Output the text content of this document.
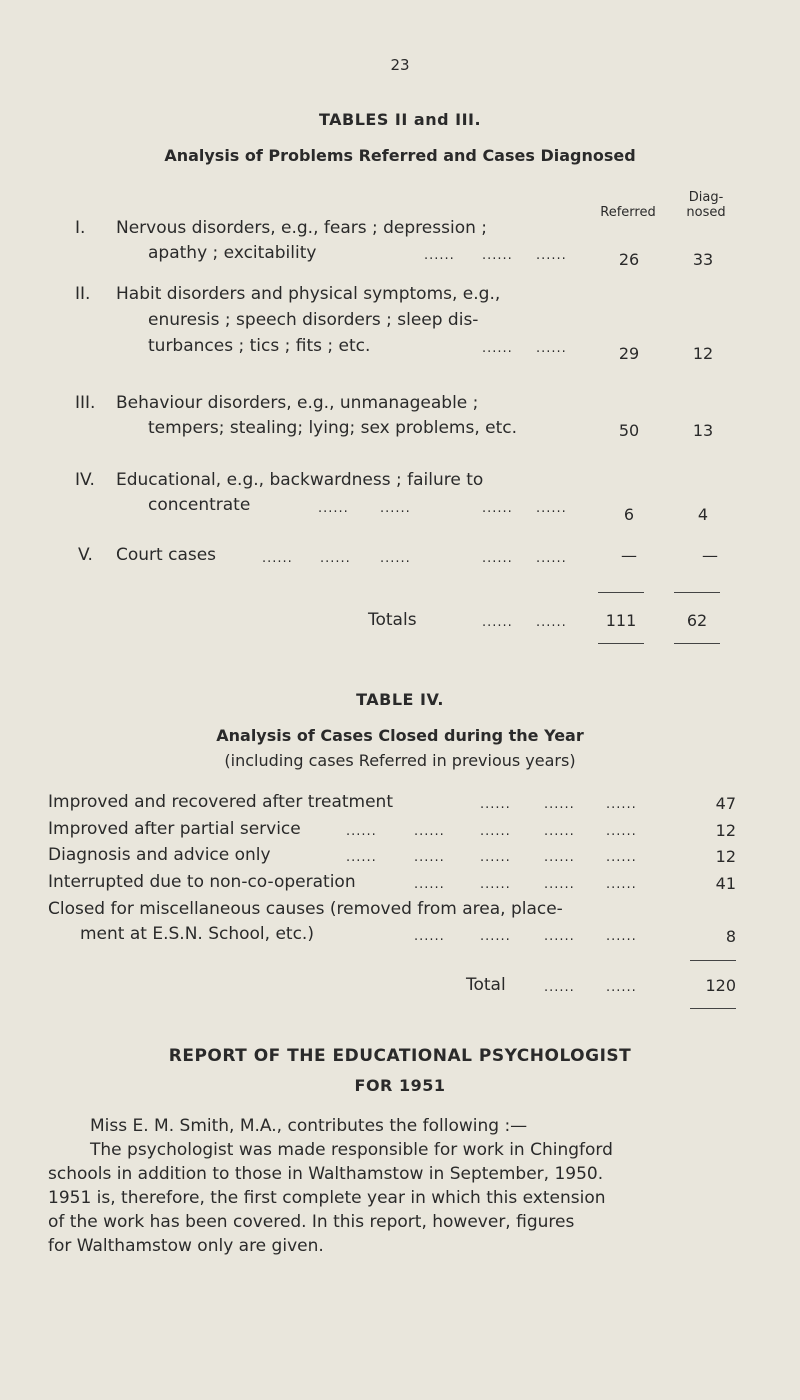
23
TABLES II and III.
Analysis of Problems Referred and Cases Diagnosed
Referred
Diag-
nosed
I. Nervous disorders, e.g., fears ; depression ;
apathy ; excitability	...... ...... ......	26	33
II. Habit disorders and physical symptoms, e.g.,
enuresis ; speech disorders ; sleep dis-
turbances ; tics ; fits ; etc.	...... ......	29	12
III. Behaviour disorders, e.g., unmanageable ;
tempers; stealing; lying; sex problems, etc.	50	13
IV. Educational, e.g., backwardness ; failure to
concentrate	...... ......	...... ......	6	4
V. Court cases	...... ...... ......	...... ......	—	—
Totals	...... ......	111	62
TABLE IV.
Analysis of Cases Closed during the Year
(including cases Referred in previous years)
Improved and recovered after treatment	......	...... ......	47
Improved after partial service	......	......	......	...... ......	12
Diagnosis and advice only	......	......	......	...... ......	12
Interrupted due to non-co-operation	......	......	...... ......	41
Closed for miscellaneous causes (removed from area, place-
ment at E.S.N. School, etc.)	......	......	...... ......	8
Total	...... ......	120
REPORT OF THE EDUCATIONAL PSYCHOLOGIST
FOR 1951
Miss E. M. Smith, M.A., contributes the following :—
The psychologist was made responsible for work in Chingford
schools in addition to those in Walthamstow in September, 1950.
1951 is, therefore, the first complete year in which this extension
of the work has been covered. In this report, however, figures
for Walthamstow only are given.
